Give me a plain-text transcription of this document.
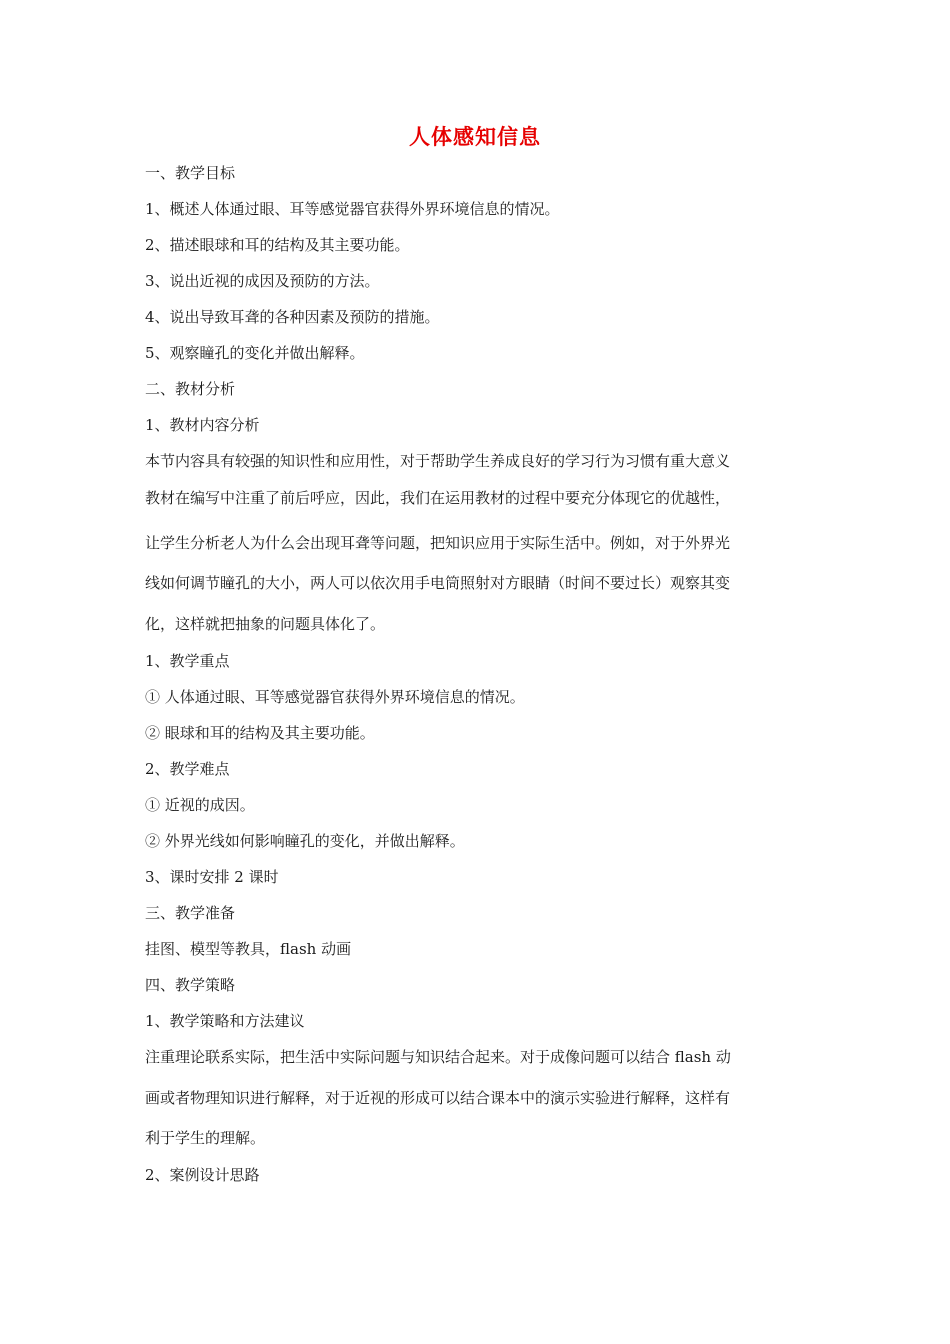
人体感知信息

一、教学目标

1、概述人体通过眼、耳等感觉器官获得外界环境信息的情况。

2、描述眼球和耳的结构及其主要功能。

3、说出近视的成因及预防的方法。

4、说出导致耳聋的各种因素及预防的措施。

5、观察瞳孔的变化并做出解释。

二、教材分析

1、教材内容分析

本节内容具有较强的知识性和应用性，对于帮助学生养成良好的学习行为习惯有重大意义

教材在编写中注重了前后呼应，因此，我们在运用教材的过程中要充分体现它的优越性，

让学生分析老人为什么会出现耳聋等问题，把知识应用于实际生活中。例如，对于外界光

线如何调节瞳孔的大小，两人可以依次用手电筒照射对方眼睛（时间不要过长）观察其变

化，这样就把抽象的问题具体化了。

1、教学重点

① 人体通过眼、耳等感觉器官获得外界环境信息的情况。

② 眼球和耳的结构及其主要功能。

2、教学难点

① 近视的成因。

② 外界光线如何影响瞳孔的变化，并做出解释。

3、课时安排 2 课时

三、教学准备

挂图、模型等教具，flash 动画

四、教学策略

1、教学策略和方法建议

注重理论联系实际，把生活中实际问题与知识结合起来。对于成像问题可以结合 flash 动

画或者物理知识进行解释，对于近视的形成可以结合课本中的演示实验进行解释，这样有

利于学生的理解。

2、案例设计思路
